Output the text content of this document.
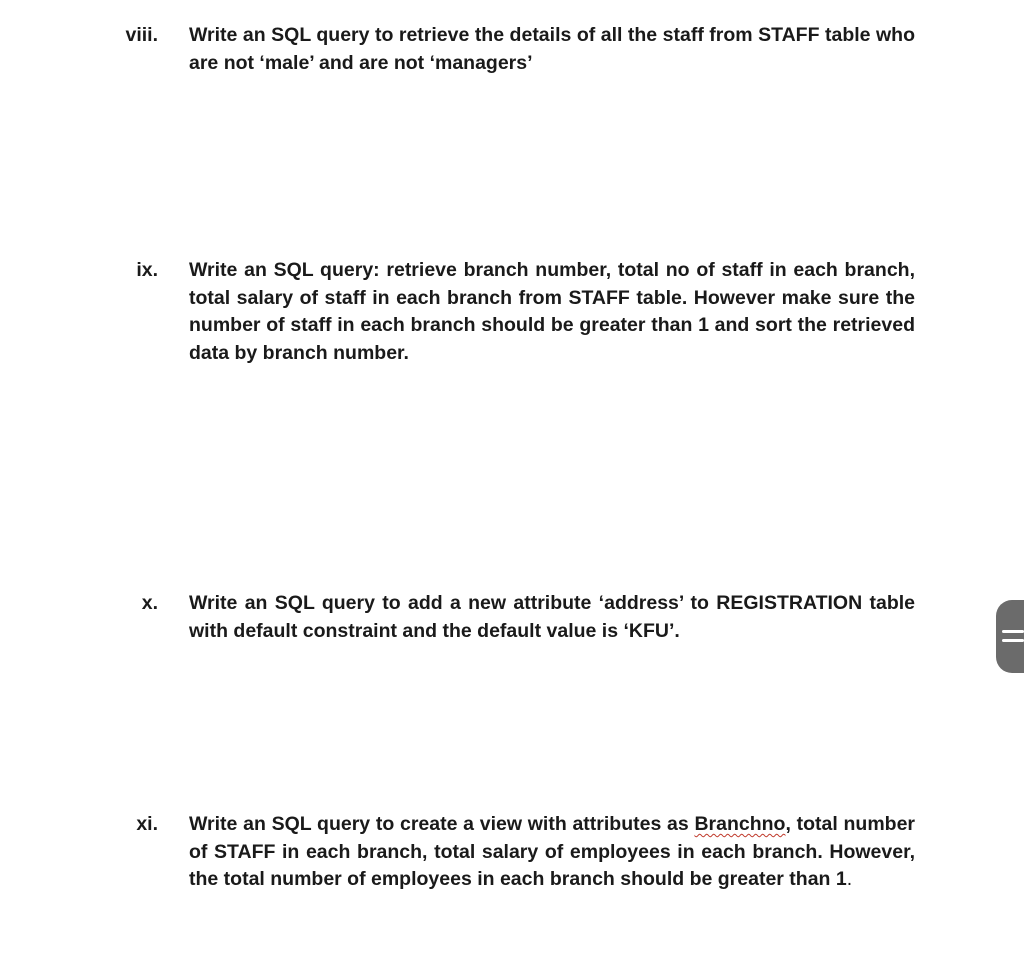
viii. Write an SQL query to retrieve the details of all the staff from STAFF table who are not ‘male’ and are not ‘managers’
ix. Write an SQL query: retrieve branch number, total no of staff in each branch, total salary of staff in each branch from STAFF table. However make sure the number of staff in each branch should be greater than 1 and sort the retrieved data by branch number.
x. Write an SQL query to add a new attribute ‘address’ to REGISTRATION table with default constraint and the default value is ‘KFU’.
xi. Write an SQL query to create a view with attributes as Branchno, total number of STAFF in each branch, total salary of employees in each branch. However, the total number of employees in each branch should be greater than 1.
